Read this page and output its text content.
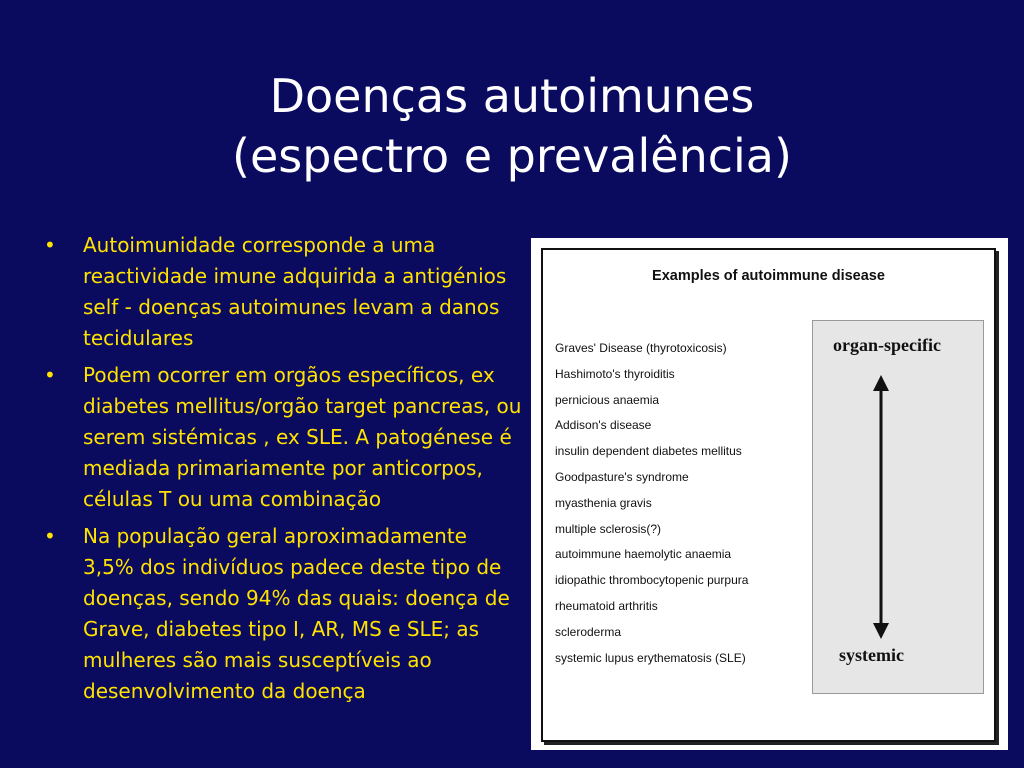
Doenças autoimunes
(espectro e prevalência)
• Autoimunidade corresponde a uma reactividade imune adquirida a antigénios self - doenças autoimunes levam a danos tecidulares
• Podem ocorrer em orgãos específicos, ex diabetes mellitus/orgão target pancreas, ou serem sistémicas , ex SLE. A patogénese é mediada primariamente por anticorpos, células T ou uma combinação
• Na população geral aproximadamente 3,5% dos indivíduos padece deste tipo de doenças, sendo 94% das quais: doença de Grave, diabetes tipo I, AR, MS e SLE; as mulheres são mais susceptíveis ao desenvolvimento da doença
Examples of autoimmune disease
Graves' Disease (thyrotoxicosis)
Hashimoto's thyroiditis
pernicious anaemia
Addison's disease
insulin dependent diabetes mellitus
Goodpasture's syndrome
myasthenia gravis
multiple sclerosis(?)
autoimmune haemolytic anaemia
idiopathic thrombocytopenic purpura
rheumatoid arthritis
scleroderma
systemic lupus erythematosis (SLE)
organ-specific
systemic
